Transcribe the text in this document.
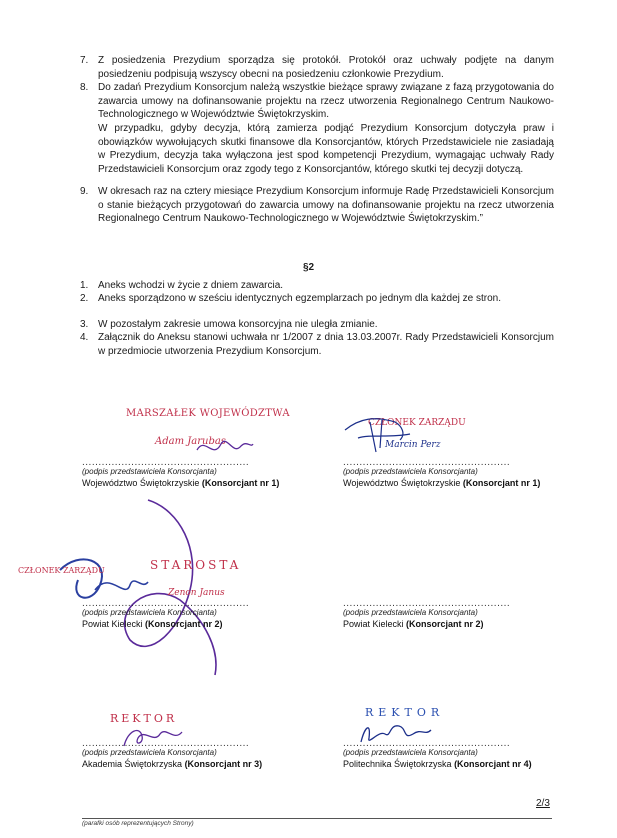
7. Z posiedzenia Prezydium sporządza się protokół. Protokół oraz uchwały podjęte na danym posiedzeniu podpisują wszyscy obecni na posiedzeniu członkowie Prezydium.
8. Do zadań Prezydium Konsorcjum należą wszystkie bieżące sprawy związane z fazą przygotowania do zawarcia umowy na dofinansowanie projektu na rzecz utworzenia Regionalnego Centrum Naukowo-Technologicznego w Województwie Świętokrzyskim.
W przypadku, gdyby decyzja, którą zamierza podjąć Prezydium Konsorcjum dotyczyła praw i obowiązków wywołujących skutki finansowe dla Konsorcjantów, których Przedstawiciele nie zasiadają w Prezydium, decyzja taka wyłączona jest spod kompetencji Prezydium, wymagając uchwały Rady Przedstawicieli Konsorcjum oraz zgody tego z Konsorcjantów, którego skutki tej decyzji dotyczą.
9. W okresach raz na cztery miesiące Prezydium Konsorcjum informuje Radę Przedstawicieli Konsorcjum o stanie bieżących przygotowań do zawarcia umowy na dofinansowanie projektu na rzecz utworzenia Regionalnego Centrum Naukowo-Technologicznego w Województwie Świętokrzyskim.”
§2
1. Aneks wchodzi w życie z dniem zawarcia.
2. Aneks sporządzono w sześciu identycznych egzemplarzach po jednym dla każdej ze stron.
3. W pozostałym zakresie umowa konsorcyjna nie uległa zmianie.
4. Załącznik do Aneksu stanowi uchwała nr 1/2007 z dnia 13.03.2007r. Rady Przedstawicieli Konsorcjum w przedmiocie utworzenia Prezydium Konsorcjum.
MARSZAŁEK WOJEWÓDZTWA
Adam Jarubas
...................................................
(podpis przedstawiciela Konsorcjanta)
Województwo Świętokrzyskie (Konsorcjant nr 1)
CZŁONEK ZARZĄDU
Marcin Perz
...................................................
(podpis przedstawiciela Konsorcjanta)
Województwo Świętokrzyskie (Konsorcjant nr 1)
CZŁONEK ZARZĄDU	STAROSTA
Zenon Janus
...................................................
(podpis przedstawiciela Konsorcjanta)
Powiat Kielecki (Konsorcjant nr 2)
...................................................
(podpis przedstawiciela Konsorcjanta)
Powiat Kielecki (Konsorcjant nr 2)
REKTOR
...................................................
(podpis przedstawiciela Konsorcjanta)
Akademia Świętokrzyska (Konsorcjant nr 3)
REKTOR
...................................................
(podpis przedstawiciela Konsorcjanta)
Politechnika Świętokrzyska (Konsorcjant nr 4)
2/3
(parafki osób reprezentujących Strony)
